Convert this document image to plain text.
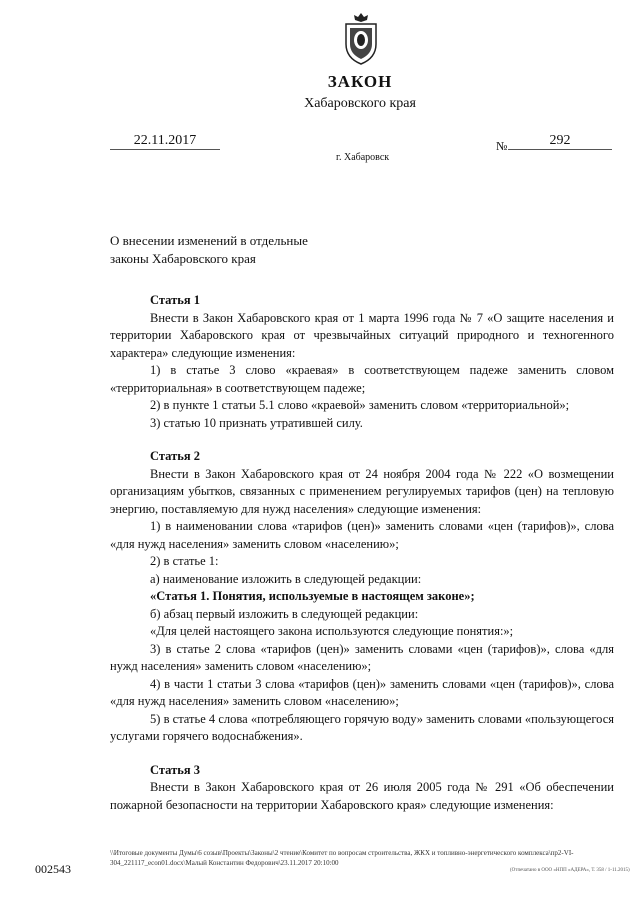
ЗАКОН
Хабаровского края
22.11.2017	№	292
г. Хабаровск
О внесении изменений в отдельные
законы Хабаровского края

Статья 1

Внести в Закон Хабаровского края от 1 марта 1996 года № 7 «О защите населения и территории Хабаровского края от чрезвычайных ситуаций природного и техногенного характера» следующие изменения:

1) в статье 3 слово «краевая» в соответствующем падеже заменить словом «территориальная» в соответствующем падеже;

2) в пункте 1 статьи 5.1 слово «краевой» заменить словом «территориальной»;

3) статью 10 признать утратившей силу.

Статья 2

Внести в Закон Хабаровского края от 24 ноября 2004 года № 222 «О возмещении организациям убытков, связанных с применением регулируемых тарифов (цен) на тепловую энергию, поставляемую для нужд населения» следующие изменения:

1) в наименовании слова «тарифов (цен)» заменить словами «цен (тарифов)», слова «для нужд населения» заменить словом «населению»;

2) в статье 1:

а) наименование изложить в следующей редакции:

«Статья 1. Понятия, используемые в настоящем законе»;

б) абзац первый изложить в следующей редакции:

«Для целей настоящего закона используются следующие понятия:»;

3) в статье 2 слова «тарифов (цен)» заменить словами «цен (тарифов)», слова «для нужд населения» заменить словом «населению»;

4) в части 1 статьи 3 слова «тарифов (цен)» заменить словами «цен (тарифов)», слова «для нужд населения» заменить словом «населению»;

5) в статье 4 слова «потребляющего горячую воду» заменить словами «пользующегося услугами горячего водоснабжения».

Статья 3

Внести в Закон Хабаровского края от 26 июля 2005 года № 291 «Об обеспечении пожарной безопасности на территории Хабаровского края» следующие изменения:

\\Итоговые документы Думы\6 созыв\Проекты\Законы\2 чтение\Комитет по вопросам строительства, ЖКХ и топливно-энергетического комплекса\пр2-VI-304_221117_econ01.docx\Малый Константин Федорович\23.11.2017 20:10:00
(Отпечатано в ООО «НПП «АДЕРА», Т. 358 / 1-11.2015)
002543
